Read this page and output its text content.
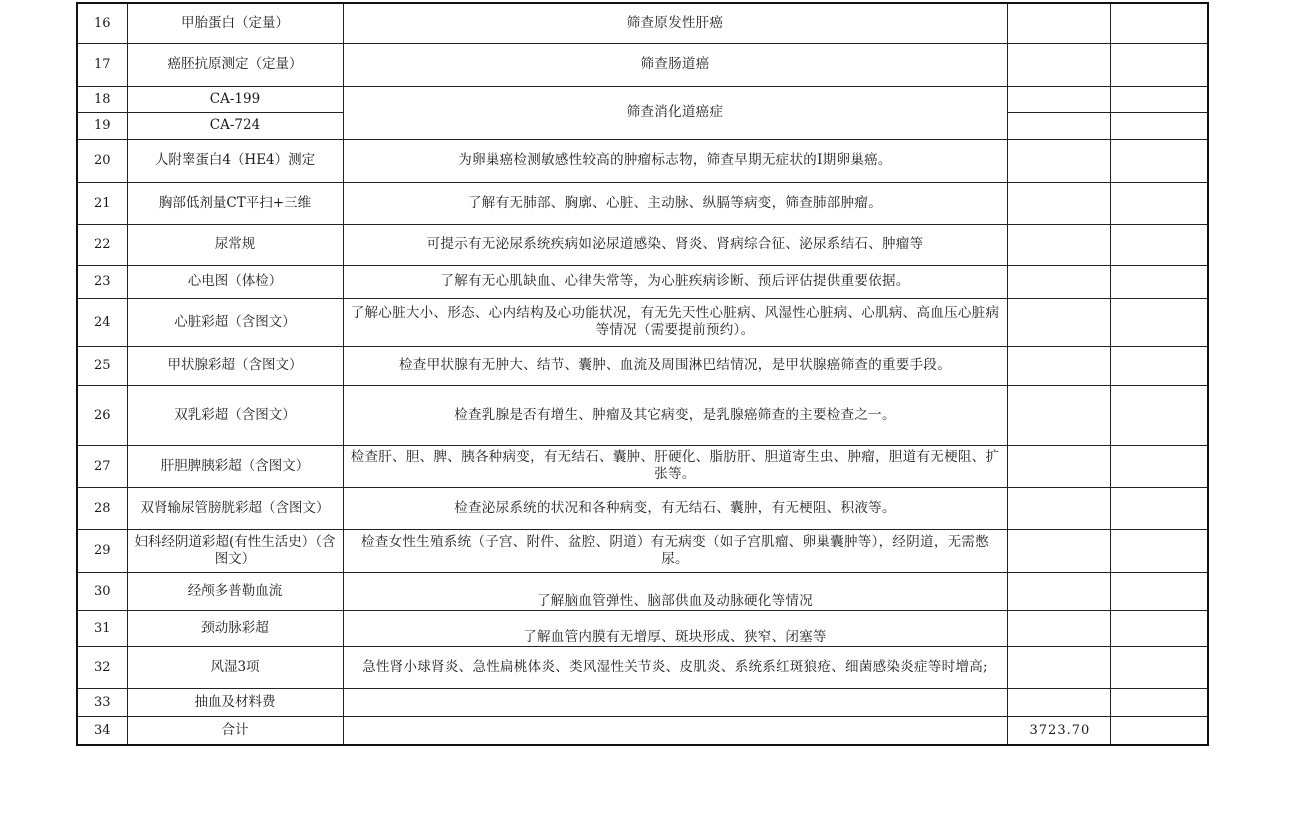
16	甲胎蛋白（定量）	筛查原发性肝癌		
17	癌胚抗原测定（定量）	筛查肠道癌		
18	CA-199	筛查消化道癌症		
19	CA-724			
20	人附睾蛋白4（HE4）测定	为卵巢癌检测敏感性较高的肿瘤标志物，筛查早期无症状的I期卵巢癌。		
21	胸部低剂量CT平扫+三维	了解有无肺部、胸廓、心脏、主动脉、纵膈等病变，筛查肺部肿瘤。		
22	尿常规	可提示有无泌尿系统疾病如泌尿道感染、肾炎、肾病综合征、泌尿系结石、肿瘤等		
23	心电图（体检）	了解有无心肌缺血、心律失常等，为心脏疾病诊断、预后评估提供重要依据。		
24	心脏彩超（含图文）	了解心脏大小、形态、心内结构及心功能状况，有无先天性心脏病、风湿性心脏病、心肌病、高血压心脏病等情况（需要提前预约）。		
25	甲状腺彩超（含图文）	检查甲状腺有无肿大、结节、囊肿、血流及周围淋巴结情况，是甲状腺癌筛查的重要手段。		
26	双乳彩超（含图文）	检查乳腺是否有增生、肿瘤及其它病变，是乳腺癌筛查的主要检查之一。		
27	肝胆脾胰彩超（含图文）	检查肝、胆、脾、胰各种病变，有无结石、囊肿、肝硬化、脂肪肝、胆道寄生虫、肿瘤，胆道有无梗阻、扩张等。		
28	双肾输尿管膀胱彩超（含图文）	检查泌尿系统的状况和各种病变，有无结石、囊肿，有无梗阻、积液等。		
29	妇科经阴道彩超(有性生活史）（含图文）	检查女性生殖系统（子宫、附件、盆腔、阴道）有无病变（如子宫肌瘤、卵巢囊肿等），经阴道，无需憋尿。		
30	经颅多普勒血流	了解脑血管弹性、脑部供血及动脉硬化等情况		
31	颈动脉彩超	了解血管内膜有无增厚、斑块形成、狭窄、闭塞等		
32	风湿3项	急性肾小球肾炎、急性扁桃体炎、类风湿性关节炎、皮肌炎、系统系红斑狼疮、细菌感染炎症等时增高;		
33	抽血及材料费			
34	合计		3723.70	
